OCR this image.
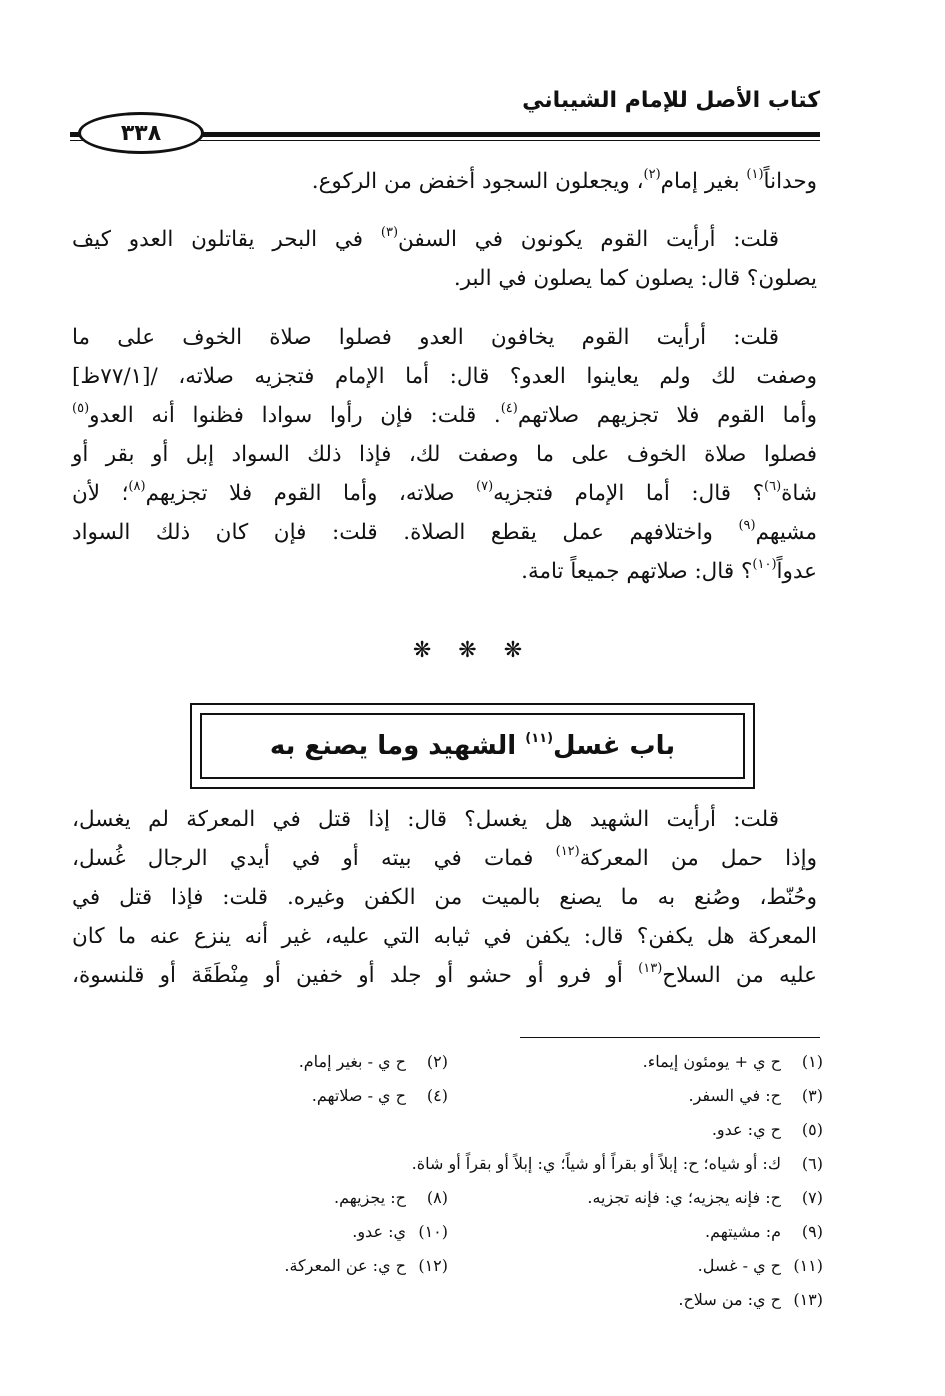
كتاب الأصل للإمام الشيباني
٣٣٨

وحداناً$^{(١)}$ بغير إمام$^{(٢)}$، ويجعلون السجود أخفض من الركوع.

قلت: أرأيت القوم يكونون في السفن$^{(٣)}$ في البحر يقاتلون العدو كيف
يصلون؟ قال: يصلون كما يصلون في البر.

قلت: أرأيت القوم يخافون العدو فصلوا صلاة الخوف على ما
وصفت لك ولم يعاينوا العدو؟ قال: أما الإمام فتجزيه صلاته، /[٧٧/١ظ]
وأما القوم فلا تجزيهم صلاتهم$^{(٤)}$. قلت: فإن رأوا سوادا فظنوا أنه العدو$^{(٥)}$
فصلوا صلاة الخوف على ما وصفت لك، فإذا ذلك السواد إبل أو بقر أو
شاة$^{(٦)}$؟ قال: أما الإمام فتجزيه$^{(٧)}$ صلاته، وأما القوم فلا تجزيهم$^{(٨)}$؛ لأن
مشيهم$^{(٩)}$ واختلافهم عمل يقطع الصلاة. قلت: فإن كان ذلك السواد
عدواً$^{(١٠)}$؟ قال: صلاتهم جميعاً تامة.

❋ ❋ ❋
باب غسل$^{(١١)}$ الشهيد وما يصنع به

قلت: أرأيت الشهيد هل يغسل؟ قال: إذا قتل في المعركة لم يغسل،
وإذا حمل من المعركة$^{(١٢)}$ فمات في بيته أو في أيدي الرجال غُسل،
وحُنّط، وصُنع به ما يصنع بالميت من الكفن وغيره. قلت: فإذا قتل في
المعركة هل يكفن؟ قال: يكفن في ثيابه التي عليه، غير أنه ينزع عنه ما كان
عليه من السلاح$^{(١٣)}$ أو فرو أو حشو أو جلد أو خفين أو مِنْطَقَة أو قلنسوة،

(١)ح ي + يومئون إيماء.
(٢)ح ي - بغير إمام.
(٣)ح: في السفر.
(٤)ح ي - صلاتهم.
(٥)ح ي: عدو.
(٦)ك: أو شياه؛ ح: إبلاً أو بقراً أو شياً؛ ي: إبلاً أو بقراً أو شاة.
(٧)ح: فإنه يجزيه؛ ي: فإنه تجزيه.
(٨)ح: يجزيهم.
(٩)م: مشيتهم.
(١٠)ي: عدو.
(١١)ح ي - غسل.
(١٢)ح ي: عن المعركة.
(١٣)ح ي: من سلاح.
